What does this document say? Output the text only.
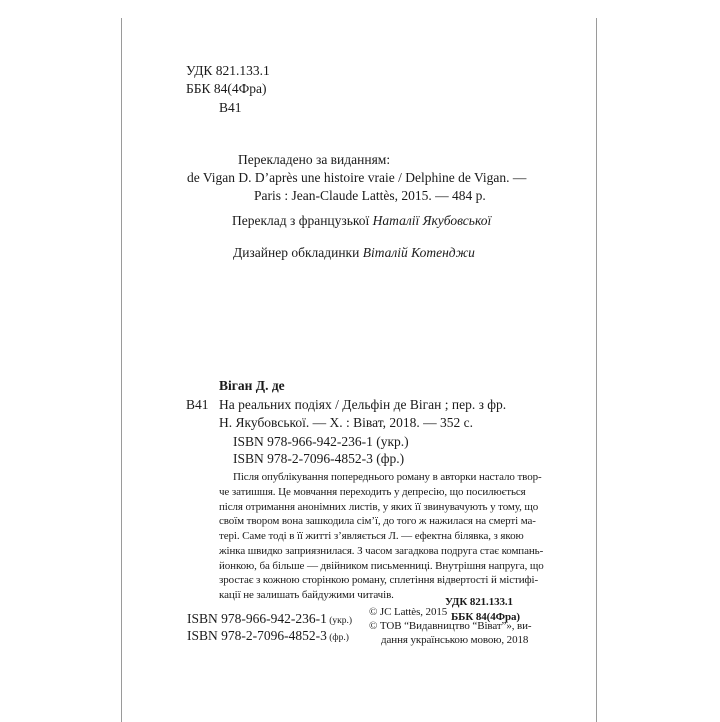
УДК 821.133.1
ББК 84(4Фра)
В41
Перекладено за виданням:
de Vigan D. D’après une histoire vraie / Delphine de Vigan. —
Paris : Jean-Claude Lattès, 2015. — 484 p.
Переклад з французької Наталії Якубовської
Дизайнер обкладинки Віталій Котенджи
Віган Д. де
В41 На реальних подіях / Дельфін де Віган ; пер. з фр.
Н. Якубовської. — Х. : Віват, 2018. — 352 с.
ISBN 978-966-942-236-1 (укр.)
ISBN 978-2-7096-4852-3 (фр.)
Після опублікування попереднього роману в авторки настало твор-
че затишшя. Це мовчання переходить у депресію, що посилюється
після отримання анонімних листів, у яких її звинувачують у тому, що
своїм твором вона зашкодила сім’ї, до того ж нажилася на смерті ма-
тері. Саме тоді в її житті з’являється Л. — ефектна білявка, з якою
жінка швидко заприязнилася. З часом загадкова подруга стає компань-
йонкою, ба більше — двійником письменниці. Внутрішня напруга, що
зростає з кожною сторінкою роману, сплетіння відвертості й містифі-
кації не залишать байдужими читачів.
УДК 821.133.1
ББК 84(4Фра)
ISBN 978-966-942-236-1 (укр.)
ISBN 978-2-7096-4852-3 (фр.)
© JC Lattès, 2015
© ТОВ “Видавництво “Віват”», ви-
дання українською мовою, 2018
